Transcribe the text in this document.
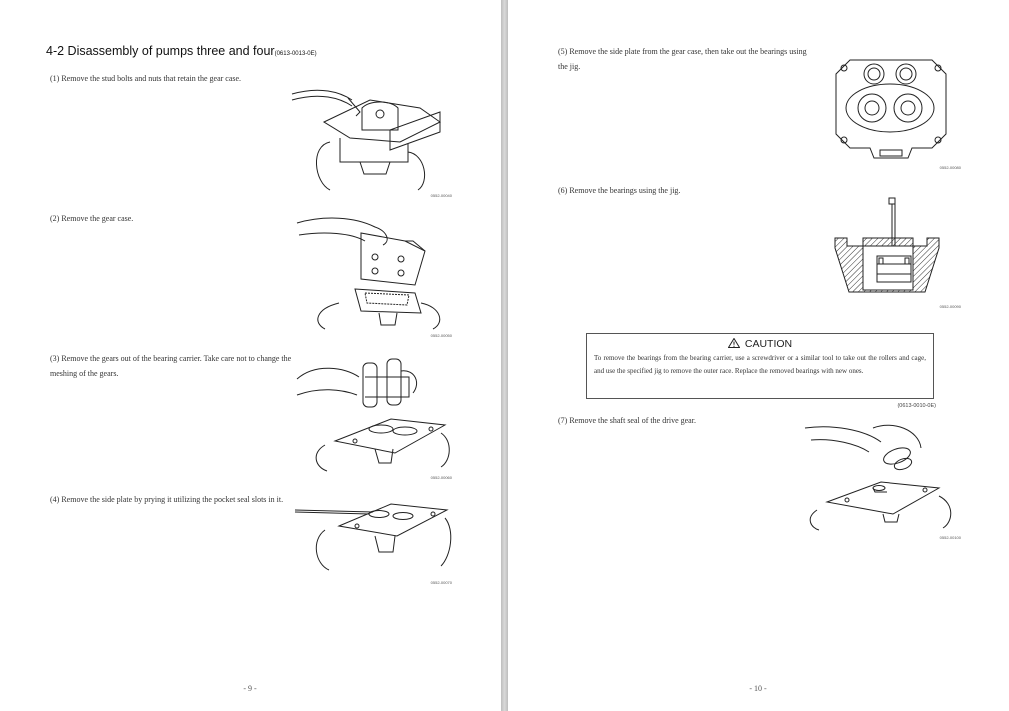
4-2 Disassembly of pumps three and four(0613-0013-0E)
(1) Remove the stud bolts and nuts that retain the gear case.
0552-00040
(2) Remove the gear case.
0552-00050
(3) Remove the gears out of the bearing carrier. Take care not to change the meshing of the gears.
0552-00060
(4) Remove the side plate by prying it utilizing the pocket seal slots in it.
0552-00070
- 9 -
(5) Remove the side plate from the gear case, then take out the bearings using the jig.
0552-00080
(6) Remove the bearings using the jig.
0552-00090
CAUTION
To remove the bearings from the bearing carrier, use a screwdriver or a similar tool to take out the rollers and cage, and use the specified jig to remove the outer race. Replace the removed bearings with new ones.
(0613-0010-0E)
(7) Remove the shaft seal of the drive gear.
0552-00100
- 10 -
